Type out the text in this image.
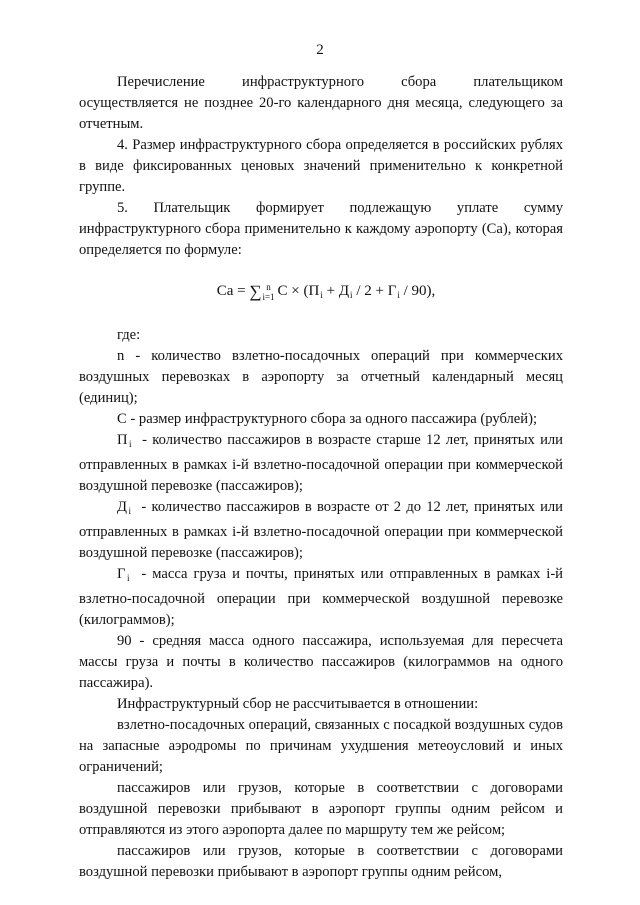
2

Перечисление инфраструктурного сбора плательщиком осуществляется не позднее 20-го календарного дня месяца, следующего за отчетным.

4. Размер инфраструктурного сбора определяется в российских рублях в виде фиксированных ценовых значений применительно к конкретной группе.

5. Плательщик формирует подлежащую уплате сумму инфраструктурного сбора применительно к каждому аэропорту (Са), которая определяется по формуле:

Са = ∑ n
i=1 $С \times (П_i + Д_i / 2 + Г_i / 90)$,

где:

n - количество взлетно-посадочных операций при коммерческих воздушных перевозках в аэропорту за отчетный календарный месяц (единиц);

С - размер инфраструктурного сбора за одного пассажира (рублей);

$П_i$ - количество пассажиров в возрасте старше 12 лет, принятых или отправленных в рамках i-й взлетно-посадочной операции при коммерческой воздушной перевозке (пассажиров);

$Д_i$ - количество пассажиров в возрасте от 2 до 12 лет, принятых или отправленных в рамках i-й взлетно-посадочной операции при коммерческой воздушной перевозке (пассажиров);

$Г_i$ - масса груза и почты, принятых или отправленных в рамках i-й взлетно-посадочной операции при коммерческой воздушной перевозке (килограммов);

90 - средняя масса одного пассажира, используемая для пересчета массы груза и почты в количество пассажиров (килограммов на одного пассажира).

Инфраструктурный сбор не рассчитывается в отношении:

взлетно-посадочных операций, связанных с посадкой воздушных судов на запасные аэродромы по причинам ухудшения метеоусловий и иных ограничений;

пассажиров или грузов, которые в соответствии с договорами воздушной перевозки прибывают в аэропорт группы одним рейсом и отправляются из этого аэропорта далее по маршруту тем же рейсом;

пассажиров или грузов, которые в соответствии с договорами воздушной перевозки прибывают в аэропорт группы одним рейсом,
